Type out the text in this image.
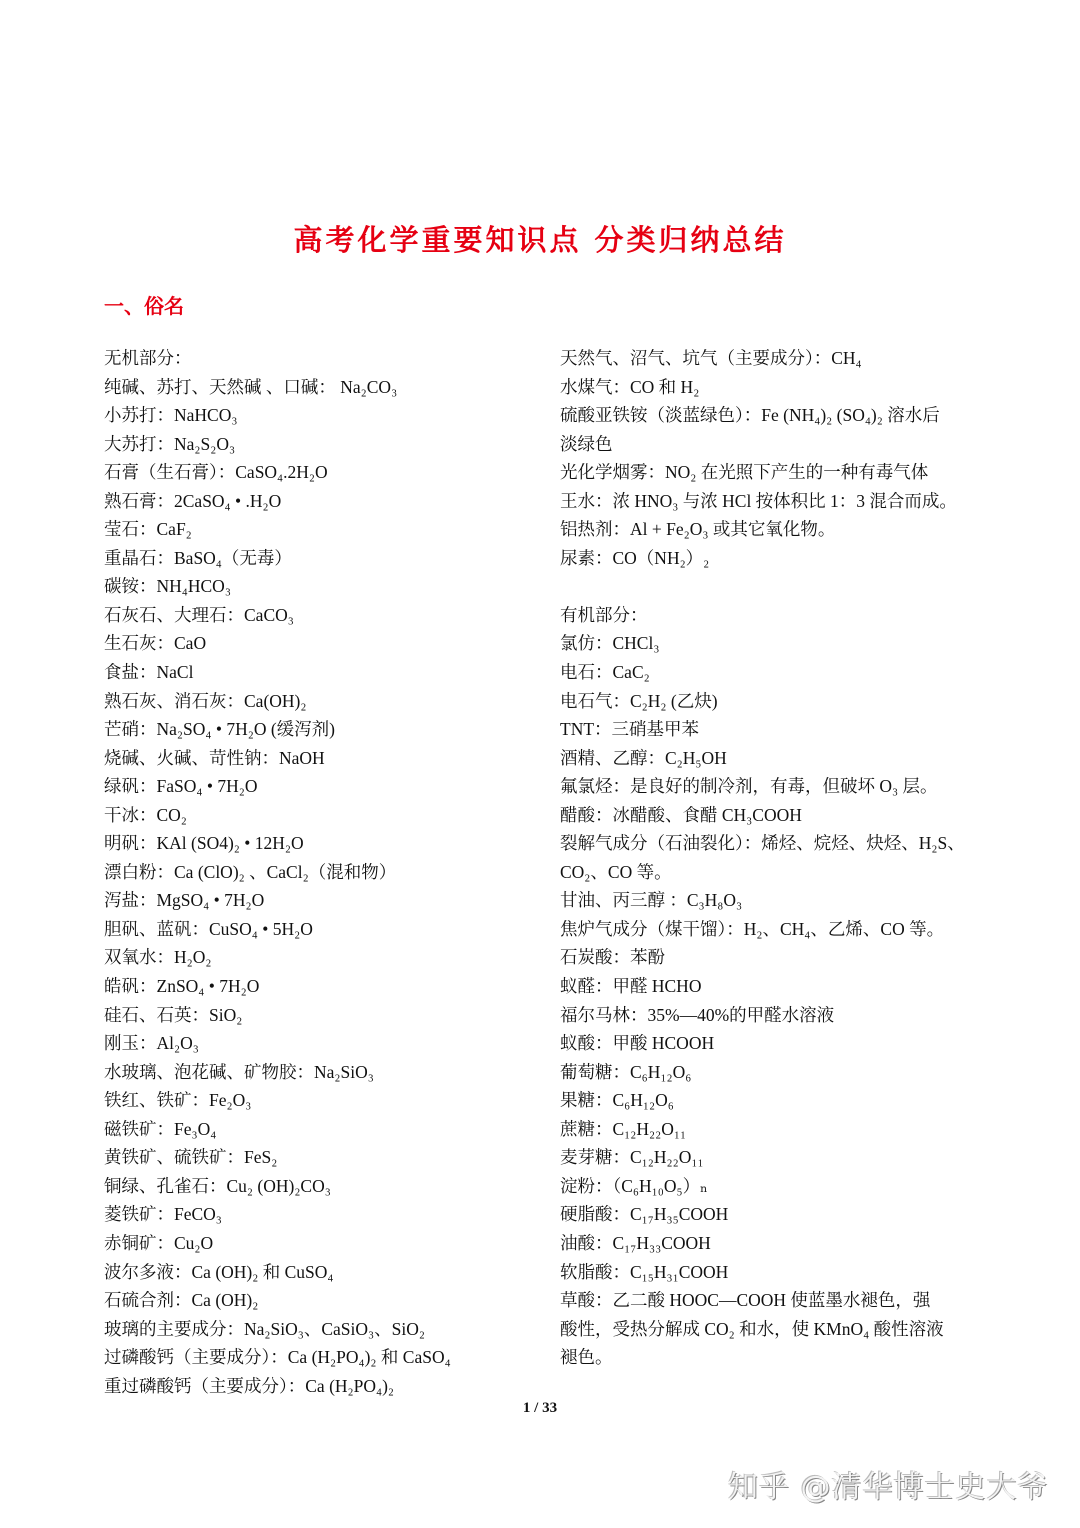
高考化学重要知识点 分类归纳总结
一、俗名
无机部分：
纯碱、苏打、天然碱 、口碱： Na₂CO₃
小苏打：NaHCO₃
大苏打：Na₂S₂O₃
石膏（生石膏）：CaSO₄.2H₂O
熟石膏：2CaSO₄ • .H₂O
莹石：CaF₂
重晶石：BaSO₄（无毒）
碳铵：NH₄HCO₃
石灰石、大理石：CaCO₃
生石灰：CaO
食盐：NaCl
熟石灰、消石灰：Ca(OH)₂
芒硝：Na₂SO₄ • 7H₂O (缓泻剂)
烧碱、火碱、苛性钠：NaOH
绿矾：FaSO₄ • 7H₂O
干冰：CO₂
明矾：KAl (SO4)₂ • 12H₂O
漂白粉：Ca (ClO)₂ 、CaCl₂（混和物）
泻盐：MgSO₄ • 7H₂O
胆矾、蓝矾：CuSO₄ • 5H₂O
双氧水：H₂O₂
皓矾：ZnSO₄ • 7H₂O
硅石、石英：SiO₂
刚玉：Al₂O₃
水玻璃、泡花碱、矿物胶：Na₂SiO₃
铁红、铁矿：Fe₂O₃
磁铁矿：Fe₃O₄
黄铁矿、硫铁矿：FeS₂
铜绿、孔雀石：Cu₂ (OH)₂CO₃
菱铁矿：FeCO₃
赤铜矿：Cu₂O
波尔多液：Ca (OH)₂ 和 CuSO₄
石硫合剂：Ca (OH)₂
玻璃的主要成分：Na₂SiO₃、CaSiO₃、SiO₂
过磷酸钙（主要成分）：Ca (H₂PO₄)₂ 和 CaSO₄
重过磷酸钙（主要成分）：Ca (H₂PO₄)₂
天然气、沼气、坑气（主要成分）：CH₄
水煤气：CO 和 H₂
硫酸亚铁铵（淡蓝绿色）：Fe (NH₄)₂ (SO₄)₂ 溶水后
淡绿色
光化学烟雾：NO₂ 在光照下产生的一种有毒气体
王水：浓 HNO₃ 与浓 HCl 按体积比 1：3 混合而成。
铝热剂：Al + Fe₂O₃ 或其它氧化物。
尿素：CO（NH₂）₂
有机部分：
氯仿：CHCl₃
电石：CaC₂
电石气：C₂H₂ (乙炔)
TNT：三硝基甲苯
酒精、乙醇：C₂H₅OH
氟氯烃：是良好的制冷剂，有毒，但破坏 O₃ 层。
醋酸：冰醋酸、食醋 CH₃COOH
裂解气成分（石油裂化）：烯烃、烷烃、炔烃、H₂S、
CO₂、CO 等。
甘油、丙三醇 ：C₃H₈O₃
焦炉气成分（煤干馏）：H₂、CH₄、乙烯、CO 等。
石炭酸：苯酚
蚁醛：甲醛 HCHO
福尔马林：35%—40%的甲醛水溶液
蚁酸：甲酸 HCOOH
葡萄糖：C₆H₁₂O₆
果糖：C₆H₁₂O₆
蔗糖：C₁₂H₂₂O₁₁
麦芽糖：C₁₂H₂₂O₁₁
淀粉：（C₆H₁₀O₅）ₙ
硬脂酸：C₁₇H₃₅COOH
油酸：C₁₇H₃₃COOH
软脂酸：C₁₅H₃₁COOH
草酸：乙二酸 HOOC—COOH 使蓝墨水褪色，强
酸性，受热分解成 CO₂ 和水，使 KMnO₄ 酸性溶液
褪色。
1 / 33
知乎 @清华博士史大爷
